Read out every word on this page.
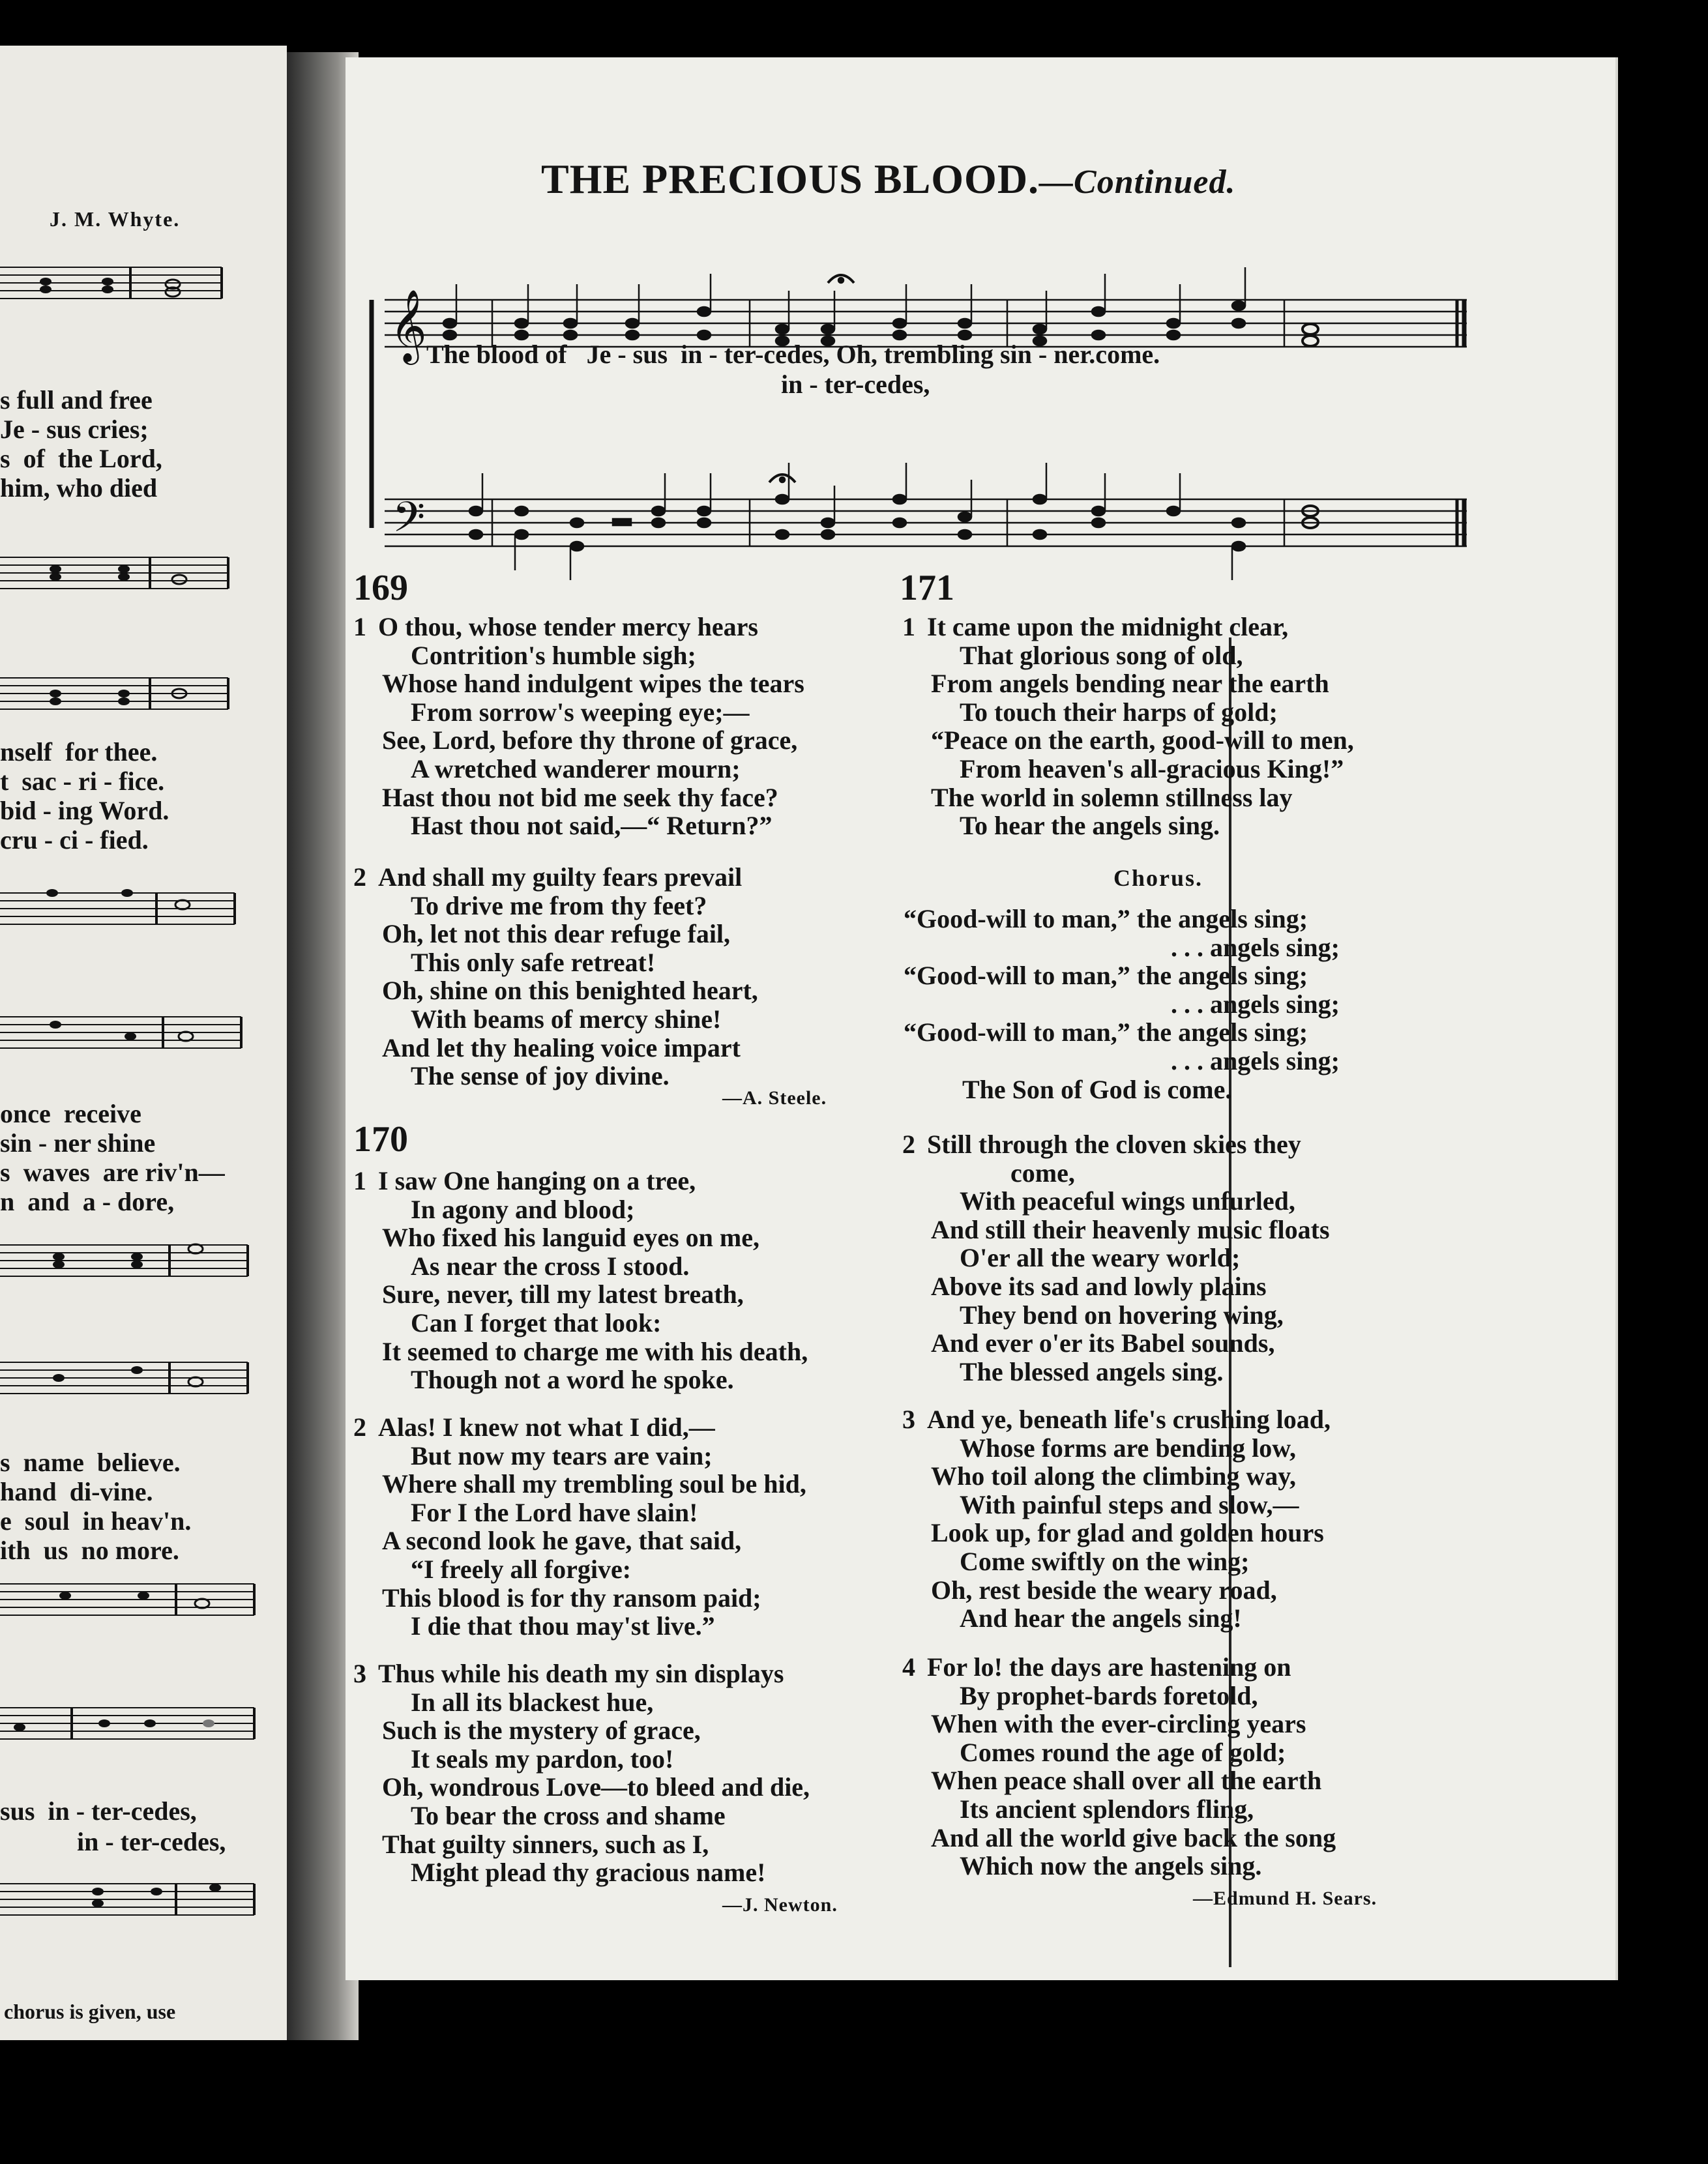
J. M. Whyte.
s full and free
Je - sus cries;
s  of  the Lord,
him, who died
nself  for thee.
t  sac - ri - fice.
bid - ing Word.
cru - ci - fied.
once  receive
sin - ner shine
s  waves  are riv'n—
n  and  a - dore,
s  name  believe.
hand  di-vine.
e  soul  in heav'n.
ith  us  no more.
sus  in - ter-cedes,
in - ter-cedes,
chorus is given, use
THE PRECIOUS BLOOD.—Continued.
𝄞
𝄢
The blood of   Je - sus  in - ter-cedes, Oh, trembling sin - ner.come.
in - ter-cedes,
169
170
171
—A. Steele.
—J. Newton.	—Edmund H. Sears.
Chorus.
1 O thou, whose tender mercy hears
Contrition's humble sigh;
Whose hand indulgent wipes the tears
From sorrow's weeping eye;—
See, Lord, before thy throne of grace,
A wretched wanderer mourn;
Hast thou not bid me seek thy face?
Hast thou not said,—“ Return?”
2 And shall my guilty fears prevail
To drive me from thy feet?
Oh, let not this dear refuge fail,
This only safe retreat!
Oh, shine on this benighted heart,
With beams of mercy shine!
And let thy healing voice impart
The sense of joy divine.
1 I saw One hanging on a tree,
In agony and blood;
Who fixed his languid eyes on me,
As near the cross I stood.
Sure, never, till my latest breath,
Can I forget that look:
It seemed to charge me with his death,
Though not a word he spoke.
2 Alas! I knew not what I did,—
But now my tears are vain;
Where shall my trembling soul be hid,
For I the Lord have slain!
A second look he gave, that said,
“I freely all forgive:
This blood is for thy ransom paid;
I die that thou may'st live.”
3 Thus while his death my sin displays
In all its blackest hue,
Such is the mystery of grace,
It seals my pardon, too!
Oh, wondrous Love—to bleed and die,
To bear the cross and shame
That guilty sinners, such as I,
Might plead thy gracious name!
1 It came upon the midnight clear,
That glorious song of old,
From angels bending near the earth
To touch their harps of gold;
“Peace on the earth, good-will to men,
From heaven's all-gracious King!”
The world in solemn stillness lay
To hear the angels sing.
2 Still through the cloven skies they
come,
With peaceful wings unfurled,
And still their heavenly music floats
O'er all the weary world;
Above its sad and lowly plains
They bend on hovering wing,
And ever o'er its Babel sounds,
The blessed angels sing.
3 And ye, beneath life's crushing load,
Whose forms are bending low,
Who toil along the climbing way,
With painful steps and slow,—
Look up, for glad and golden hours
Come swiftly on the wing;
Oh, rest beside the weary road,
And hear the angels sing!
4 For lo! the days are hastening on
By prophet-bards foretold,
When with the ever-circling years
Comes round the age of gold;
When peace shall over all the earth
Its ancient splendors fling,
And all the world give back the song
Which now the angels sing.
“Good-will to man,” the angels sing;
. . . angels sing;
“Good-will to man,” the angels sing;
. . . angels sing;
“Good-will to man,” the angels sing;
. . . angels sing;
The Son of God is come.
